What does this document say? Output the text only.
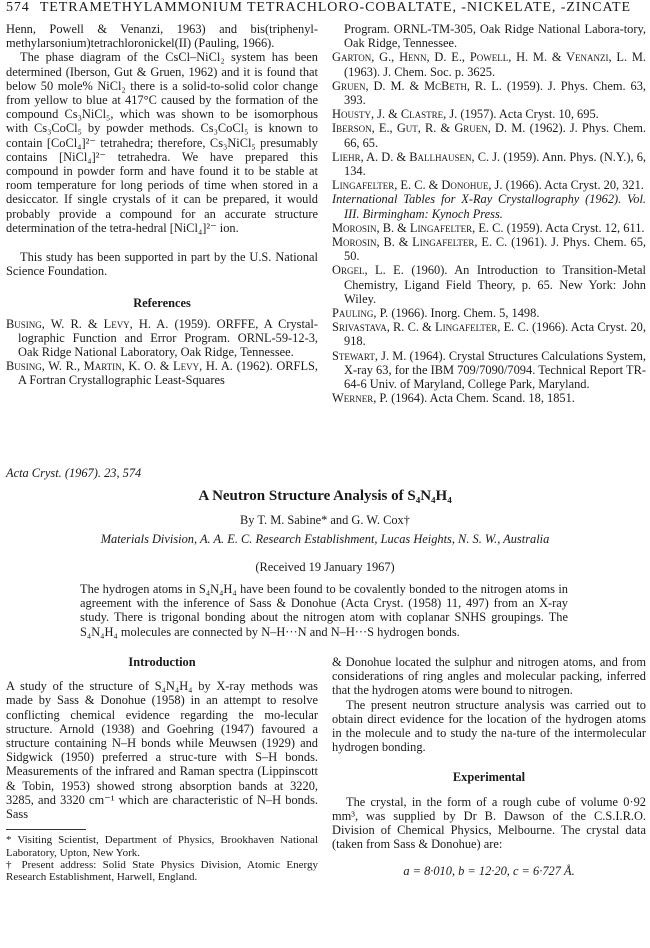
574 TETRAMETHYLAMMONIUM TETRACHLORO-COBALTATE, -NICKELATE, -ZINCATE

Henn, Powell & Venanzi, 1963) and bis(triphenyl-methylarsonium)tetrachloronickel(II) (Pauling, 1966).

The phase diagram of the CsCl–NiCl₂ system has been determined (Iberson, Gut & Gruen, 1962) and it is found that below 50 mole% NiCl₂ there is a solid-to-solid color change from yellow to blue at 417°C caused by the formation of the compound Cs₃NiCl₅, which was shown to be isomorphous with Cs₃CoCl₅ by powder methods. Cs₃CoCl₅ is known to contain [CoCl₄]²⁻ tetrahedra; therefore, Cs₃NiCl₅ presumably contains [NiCl₄]²⁻ tetrahedra. We have prepared this compound in powder form and have found it to be stable at room temperature for long periods of time when stored in a desiccator. If single crystals of it can be prepared, it would probably provide a compound for an accurate structure determination of the tetra-hedral [NiCl₄]²⁻ ion.

This study has been supported in part by the U.S. National Science Foundation.

References

Busing, W. R. & Levy, H. A. (1959). ORFFE, A Crystal-lographic Function and Error Program. ORNL-59-12-3, Oak Ridge National Laboratory, Oak Ridge, Tennessee.

Busing, W. R., Martin, K. O. & Levy, H. A. (1962). ORFLS, A Fortran Crystallographic Least-Squares

Program. ORNL-TM-305, Oak Ridge National Labora-tory, Oak Ridge, Tennessee.

Garton, G., Henn, D. E., Powell, H. M. & Venanzi, L. M. (1963). J. Chem. Soc. p. 3625.

Gruen, D. M. & McBeth, R. L. (1959). J. Phys. Chem. 63, 393.

Housty, J. & Clastre, J. (1957). Acta Cryst. 10, 695.

Iberson, E., Gut, R. & Gruen, D. M. (1962). J. Phys. Chem. 66, 65.

Liehr, A. D. & Ballhausen, C. J. (1959). Ann. Phys. (N.Y.), 6, 134.

Lingafelter, E. C. & Donohue, J. (1966). Acta Cryst. 20, 321.

International Tables for X-Ray Crystallography (1962). Vol. III. Birmingham: Kynoch Press.

Morosin, B. & Lingafelter, E. C. (1959). Acta Cryst. 12, 611.

Morosin, B. & Lingafelter, E. C. (1961). J. Phys. Chem. 65, 50.

Orgel, L. E. (1960). An Introduction to Transition-Metal Chemistry, Ligand Field Theory, p. 65. New York: John Wiley.

Pauling, P. (1966). Inorg. Chem. 5, 1498.

Srivastava, R. C. & Lingafelter, E. C. (1966). Acta Cryst. 20, 918.

Stewart, J. M. (1964). Crystal Structures Calculations System, X-ray 63, for the IBM 709/7090/7094. Technical Report TR-64-6 Univ. of Maryland, College Park, Maryland.

Werner, P. (1964). Acta Chem. Scand. 18, 1851.

Acta Cryst. (1967). 23, 574
A Neutron Structure Analysis of S₄N₄H₄
By T. M. Sabine* and G. W. Cox†
Materials Division, A. A. E. C. Research Establishment, Lucas Heights, N. S. W., Australia
(Received 19 January 1967)
The hydrogen atoms in S₄N₄H₄ have been found to be covalently bonded to the nitrogen atoms in agreement with the inference of Sass & Donohue (Acta Cryst. (1958) 11, 497) from an X-ray study. There is trigonal bonding about the nitrogen atom with coplanar SNHS groupings. The S₄N₄H₄ molecules are connected by N–H···N and N–H···S hydrogen bonds.

Introduction

A study of the structure of S₄N₄H₄ by X-ray methods was made by Sass & Donohue (1958) in an attempt to resolve conflicting chemical evidence regarding the mo-lecular structure. Arnold (1938) and Goehring (1947) favoured a structure containing N–H bonds while Meuwsen (1929) and Sidgwick (1950) preferred a struc-ture with S–H bonds. Measurements of the infrared and Raman spectra (Lippinscott & Tobin, 1953) showed strong absorption bands at 3220, 3285, and 3320 cm⁻¹ which are characteristic of N–H bonds. Sass

* Visiting Scientist, Department of Physics, Brookhaven National Laboratory, Upton, New York.

† Present address: Solid State Physics Division, Atomic Energy Research Establishment, Harwell, England.

& Donohue located the sulphur and nitrogen atoms, and from considerations of ring angles and molecular packing, inferred that the hydrogen atoms were bound to nitrogen.

The present neutron structure analysis was carried out to obtain direct evidence for the location of the hydrogen atoms in the molecule and to study the na-ture of the intermolecular hydrogen bonding.

Experimental

The crystal, in the form of a rough cube of volume 0·92 mm³, was supplied by Dr B. Dawson of the C.S.I.R.O. Division of Chemical Physics, Melbourne. The crystal data (taken from Sass & Donohue) are:

a = 8·010, b = 12·20, c = 6·727 Å.
